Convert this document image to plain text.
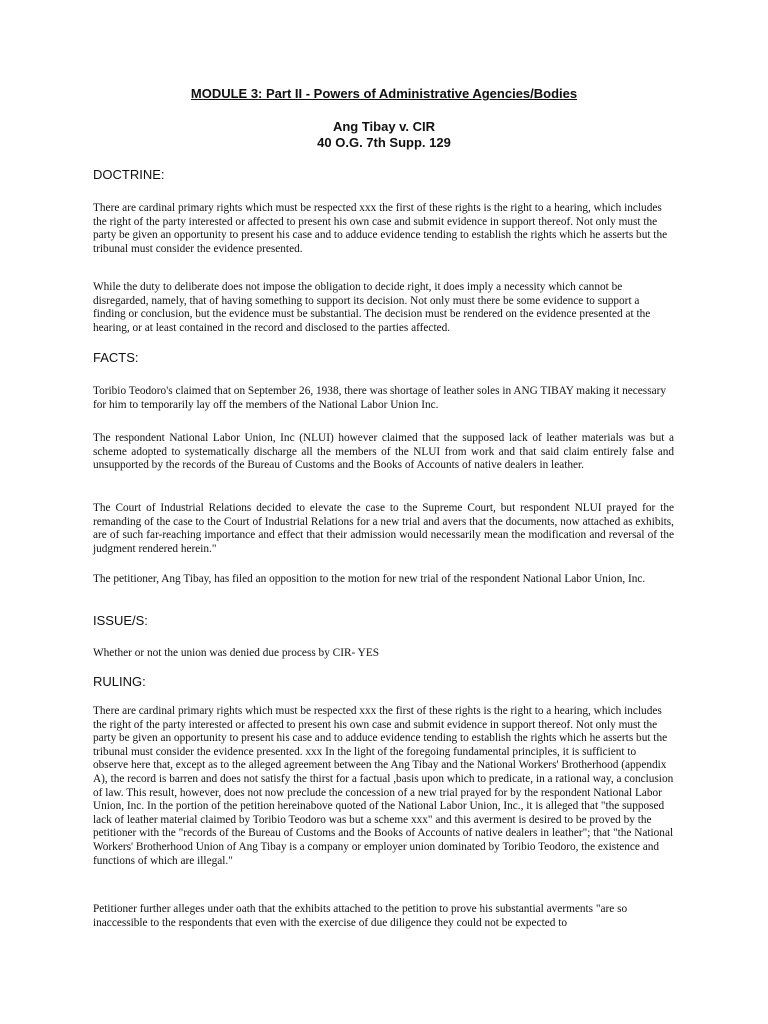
MODULE 3: Part II - Powers of Administrative Agencies/Bodies

Ang Tibay v. CIR
40 O.G. 7th Supp. 129

DOCTRINE:

There are cardinal primary rights which must be respected xxx the first of these rights is the right to a hearing, which includes the right of the party interested or affected to present his own case and submit evidence in support thereof. Not only must the party be given an opportunity to present his case and to adduce evidence tending to establish the rights which he asserts but the tribunal must consider the evidence presented.

While the duty to deliberate does not impose the obligation to decide right, it does imply a necessity which cannot be disregarded, namely, that of having something to support its decision. Not only must there be some evidence to support a finding or conclusion, but the evidence must be substantial. The decision must be rendered on the evidence presented at the hearing, or at least contained in the record and disclosed to the parties affected.

FACTS:

Toribio Teodoro's claimed that on September 26, 1938, there was shortage of leather soles in ANG TIBAY making it necessary for him to temporarily lay off the members of the National Labor Union Inc.

The respondent National Labor Union, Inc (NLUI) however claimed that the supposed lack of leather materials was but a scheme adopted to systematically discharge all the members of the NLUI from work and that said claim entirely false and unsupported by the records of the Bureau of Customs and the Books of Accounts of native dealers in leather.

The Court of Industrial Relations decided to elevate the case to the Supreme Court, but respondent NLUI prayed for the remanding of the case to the Court of Industrial Relations for a new trial and avers that the documents, now attached as exhibits, are of such far-reaching importance and effect that their admission would necessarily mean the modification and reversal of the judgment rendered herein."

The petitioner, Ang Tibay, has filed an opposition to the motion for new trial of the respondent National Labor Union, Inc.

ISSUE/S:

Whether or not the union was denied due process by CIR- YES

RULING:

There are cardinal primary rights which must be respected xxx the first of these rights is the right to a hearing, which includes the right of the party interested or affected to present his own case and submit evidence in support thereof. Not only must the party be given an opportunity to present his case and to adduce evidence tending to establish the rights which he asserts but the tribunal must consider the evidence presented. xxx In the light of the foregoing fundamental principles, it is sufficient to observe here that, except as to the alleged agreement between the Ang Tibay and the National Workers' Brotherhood (appendix A), the record is barren and does not satisfy the thirst for a factual ,basis upon which to predicate, in a rational way, a conclusion of law. This result, however, does not now preclude the concession of a new trial prayed for by the respondent National Labor Union, Inc. In the portion of the petition hereinabove quoted of the National Labor Union, Inc., it is alleged that "the supposed lack of leather material claimed by Toribio Teodoro was but a scheme xxx" and this averment is desired to be proved by the petitioner with the "records of the Bureau of Customs and the Books of Accounts of native dealers in leather"; that "the National Workers' Brotherhood Union of Ang Tibay is a company or employer union dominated by Toribio Teodoro, the existence and functions of which are illegal."

Petitioner further alleges under oath that the exhibits attached to the petition to prove his substantial averments "are so inaccessible to the respondents that even with the exercise of due diligence they could not be expected to
